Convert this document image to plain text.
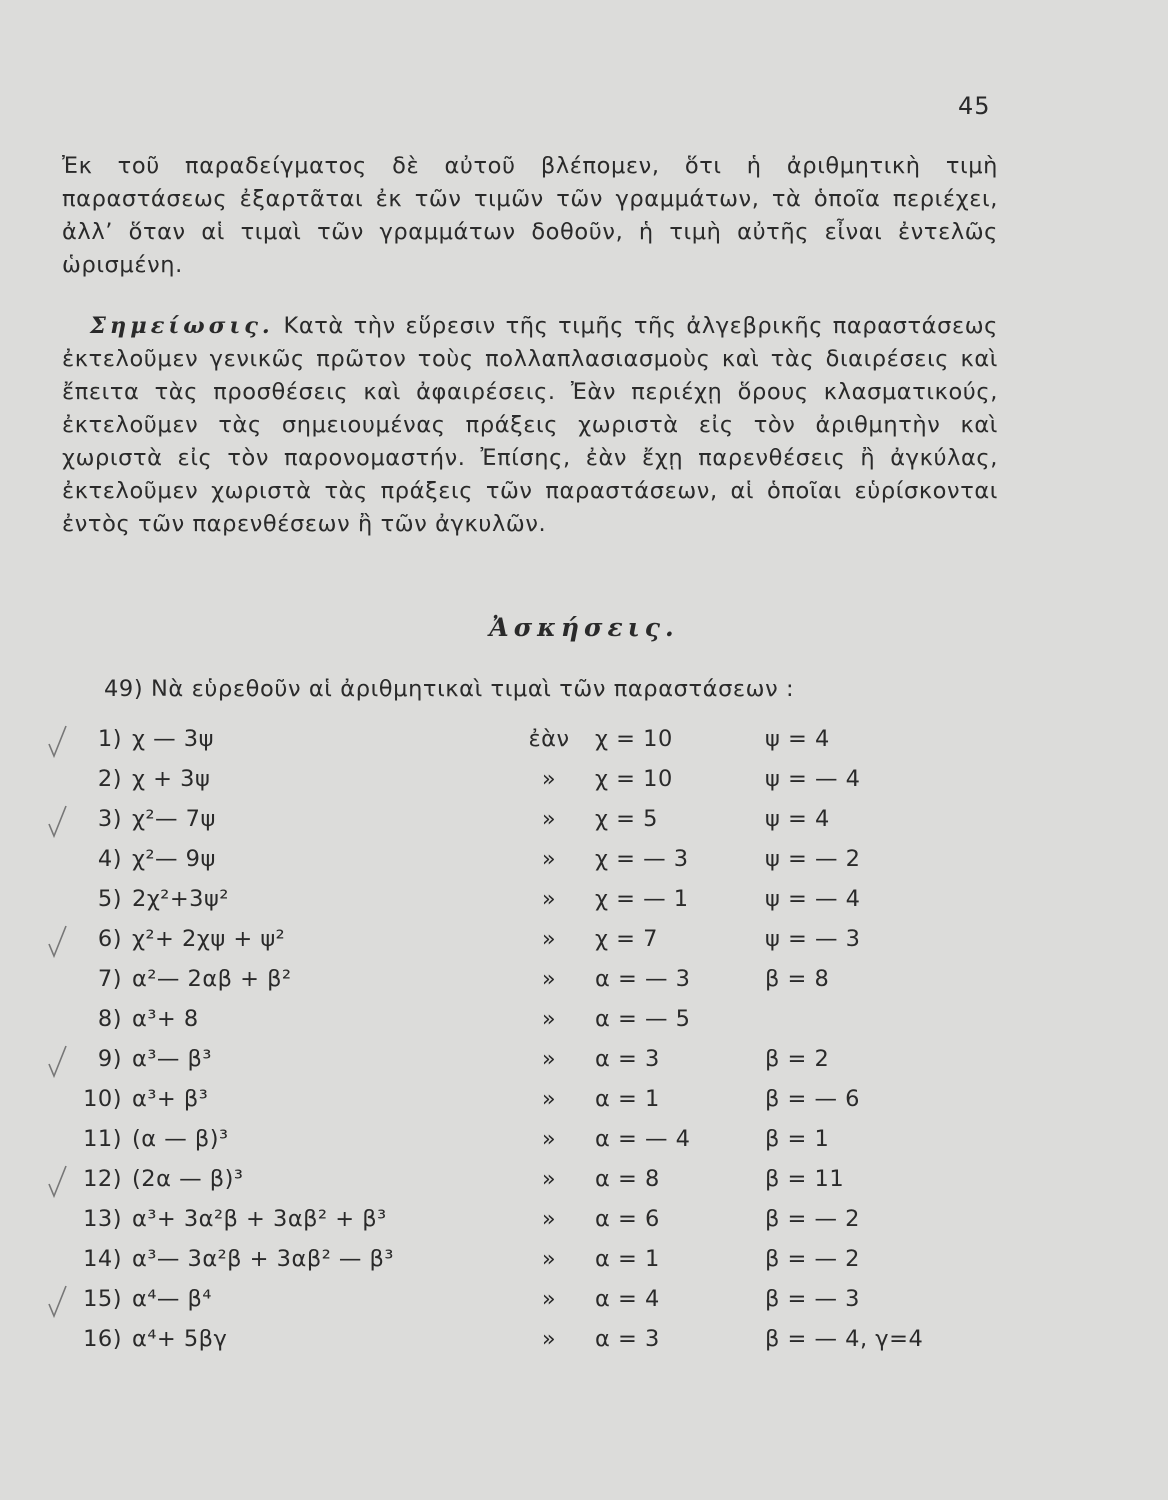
45

Ἐκ τοῦ παραδείγματος δὲ αὐτοῦ βλέπομεν, ὅτι ἡ ἀριθμητικὴ τιμὴ παραστάσεως ἐξαρτᾶται ἐκ τῶν τιμῶν τῶν γραμμάτων, τὰ ὁποῖα περιέχει, ἀλλ’ ὅταν αἱ τιμαὶ τῶν γραμμάτων δοθοῦν, ἡ τιμὴ αὐτῆς εἶναι ἐντελῶς ὡρισμένη.

Σημείωσις. Κατὰ τὴν εὕρεσιν τῆς τιμῆς τῆς ἀλγεβρικῆς παραστάσεως ἐκτελοῦμεν γενικῶς πρῶτον τοὺς πολλαπλασιασμοὺς καὶ τὰς διαιρέσεις καὶ ἔπειτα τὰς προσθέσεις καὶ ἀφαιρέσεις. Ἐὰν περιέχῃ ὅρους κλασματικούς, ἐκτελοῦμεν τὰς σημειουμένας πράξεις χωριστὰ εἰς τὸν ἀριθμητὴν καὶ χωριστὰ εἰς τὸν παρονομαστήν. Ἐπίσης, ἐὰν ἔχῃ παρενθέσεις ἢ ἀγκύλας, ἐκτελοῦμεν χωριστὰ τὰς πράξεις τῶν παραστάσεων, αἱ ὁποῖαι εὑρίσκονται ἐντὸς τῶν παρενθέσεων ἢ τῶν ἀγκυλῶν.

Ἀσκήσεις.
49) Νὰ εὑρεθοῦν αἱ ἀριθμητικαὶ τιμαὶ τῶν παραστάσεων :
1) χ — 3ψ	ἐὰν χ = 10	ψ = 4
2) χ + 3ψ	»	χ = 10	ψ = — 4
3) χ²— 7ψ	»	χ = 5	ψ = 4
4) χ²— 9ψ	»	χ = — 3	ψ = — 2
5) 2χ²+3ψ²	»	χ = — 1	ψ = — 4
6) χ²+ 2χψ + ψ²	»	χ = 7	ψ = — 3
7) α²— 2αβ + β²	»	α = — 3	β = 8
8) α³+ 8	»	α = — 5
9) α³— β³	»	α = 3	β = 2
10) α³+ β³	»	α = 1	β = — 6
11) (α — β)³	»	α = — 4	β = 1
12) (2α — β)³	»	α = 8	β = 11
13) α³+ 3α²β + 3αβ² + β³	»	α = 6	β = — 2
14) α³— 3α²β + 3αβ² — β³	»	α = 1	β = — 2
15) α⁴— β⁴	»	α = 4	β = — 3
16) α⁴+ 5βγ	»	α = 3	β = — 4, γ=4
